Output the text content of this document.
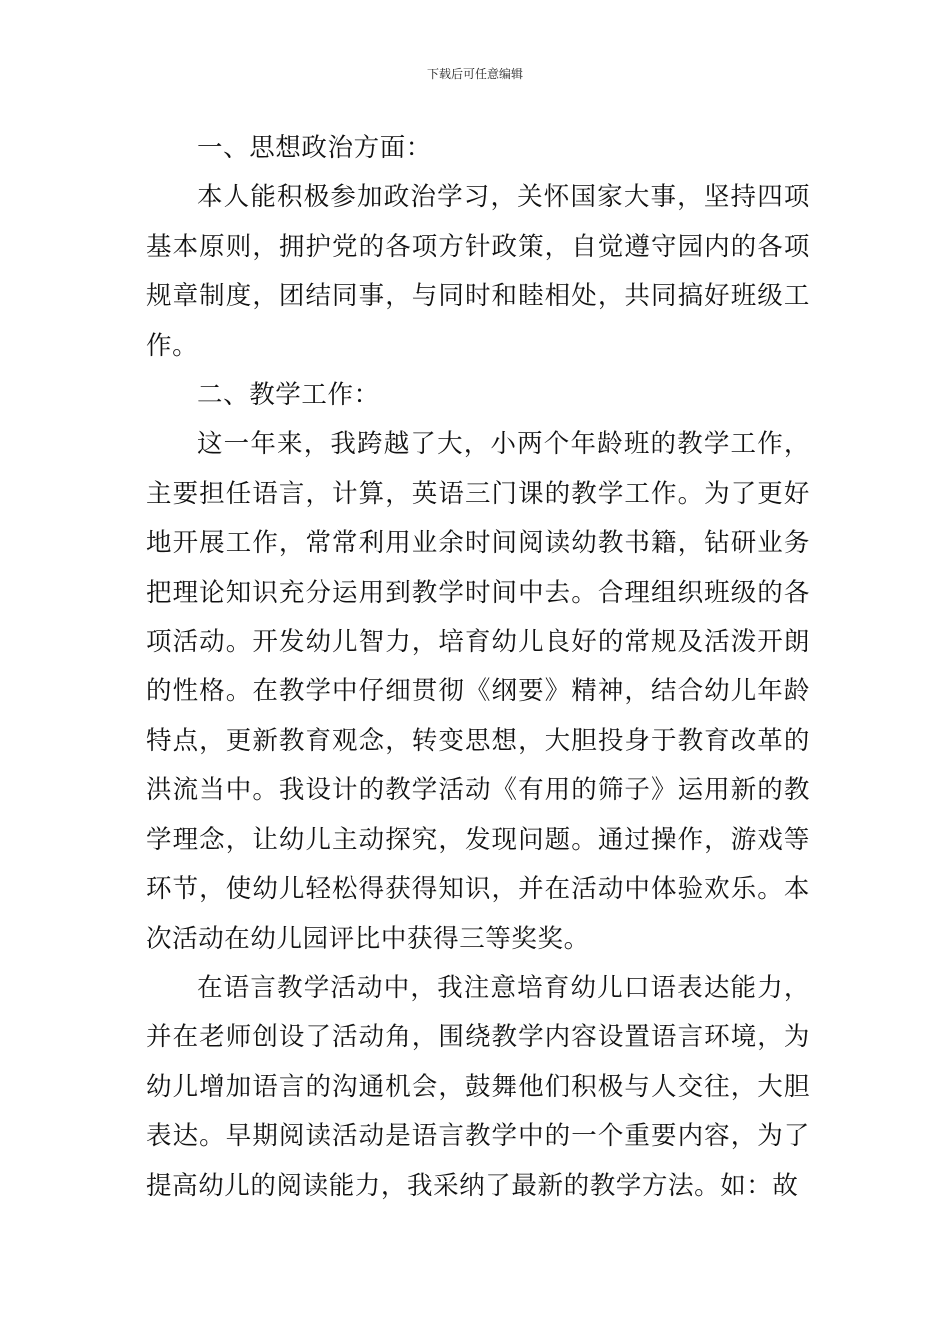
下载后可任意编辑

一、思想政治方面：

本人能积极参加政治学习，关怀国家大事，坚持四项基本原则，拥护党的各项方针政策，自觉遵守园内的各项规章制度，团结同事，与同时和睦相处，共同搞好班级工作。

二、教学工作：

这一年来，我跨越了大，小两个年龄班的教学工作，主要担任语言，计算，英语三门课的教学工作。为了更好地开展工作，常常利用业余时间阅读幼教书籍，钻研业务把理论知识充分运用到教学时间中去。合理组织班级的各项活动。开发幼儿智力，培育幼儿良好的常规及活泼开朗的性格。在教学中仔细贯彻《纲要》精神，结合幼儿年龄特点，更新教育观念，转变思想，大胆投身于教育改革的洪流当中。我设计的教学活动《有用的筛子》运用新的教学理念，让幼儿主动探究，发现问题。通过操作，游戏等环节，使幼儿轻松得获得知识，并在活动中体验欢乐。本次活动在幼儿园评比中获得三等奖奖。

在语言教学活动中，我注意培育幼儿口语表达能力，并在老师创设了活动角，围绕教学内容设置语言环境，为幼儿增加语言的沟通机会，鼓舞他们积极与人交往，大胆表达。早期阅读活动是语言教学中的一个重要内容，为了提高幼儿的阅读能力，我采纳了最新的教学方法。如：故
